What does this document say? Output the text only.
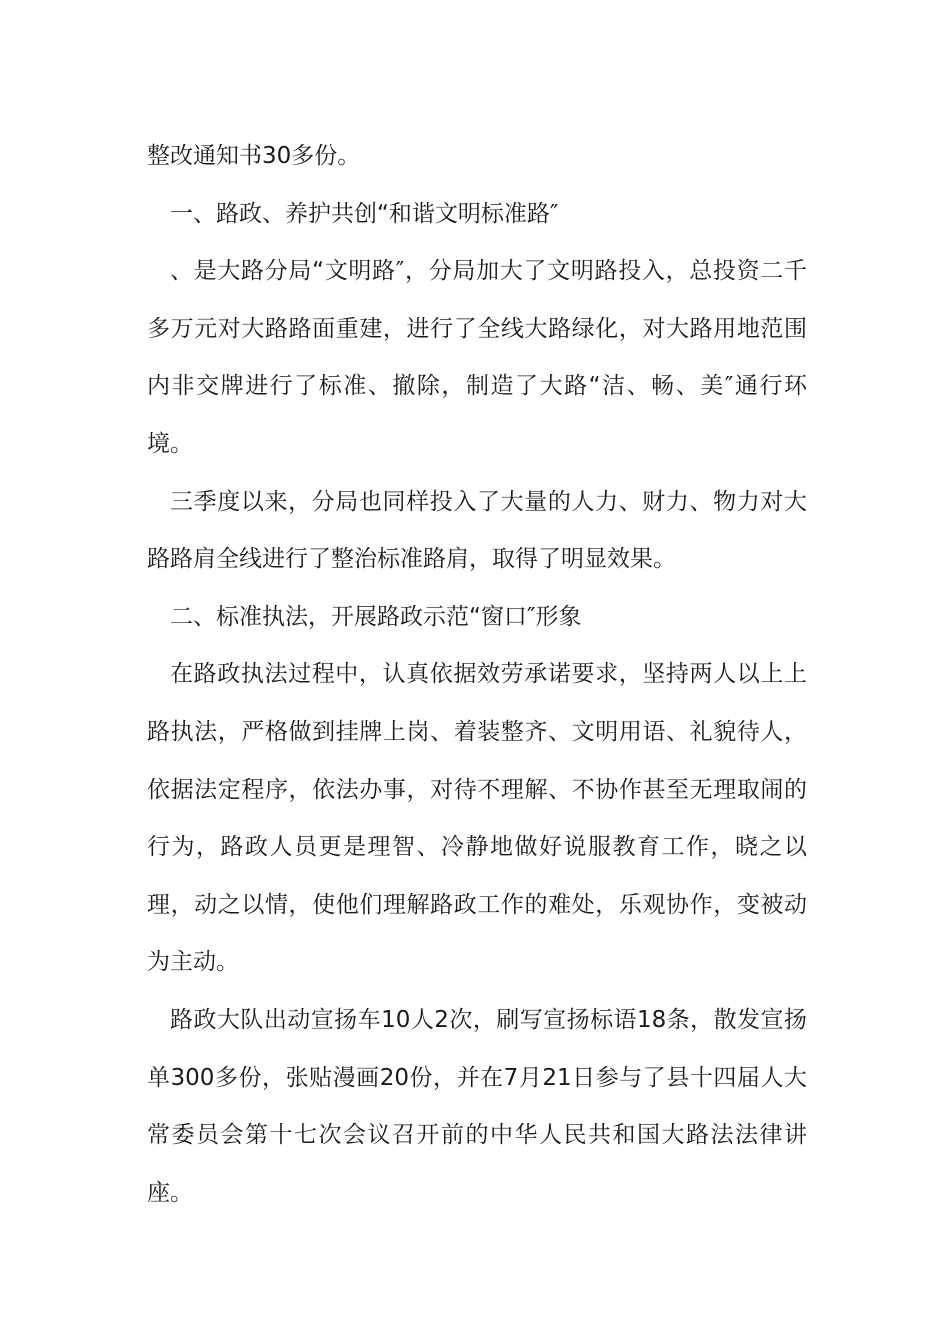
整改通知书30多份。

一、路政、养护共创“和谐文明标准路″

、是大路分局“文明路″，分局加大了文明路投入，总投资二千多万元对大路路面重建，进行了全线大路绿化，对大路用地范围内非交牌进行了标准、撤除，制造了大路“洁、畅、美″通行环境。

三季度以来，分局也同样投入了大量的人力、财力、物力对大路路肩全线进行了整治标准路肩，取得了明显效果。

二、标准执法，开展路政示范“窗口″形象

在路政执法过程中，认真依据效劳承诺要求，坚持两人以上上路执法，严格做到挂牌上岗、着装整齐、文明用语、礼貌待人，依据法定程序，依法办事，对待不理解、不协作甚至无理取闹的行为，路政人员更是理智、冷静地做好说服教育工作，晓之以理，动之以情，使他们理解路政工作的难处，乐观协作，变被动为主动。

路政大队出动宣扬车10人2次，刷写宣扬标语18条，散发宣扬单300多份，张贴漫画20份，并在7月21日参与了县十四届人大常委员会第十七次会议召开前的中华人民共和国大路法法律讲座。
